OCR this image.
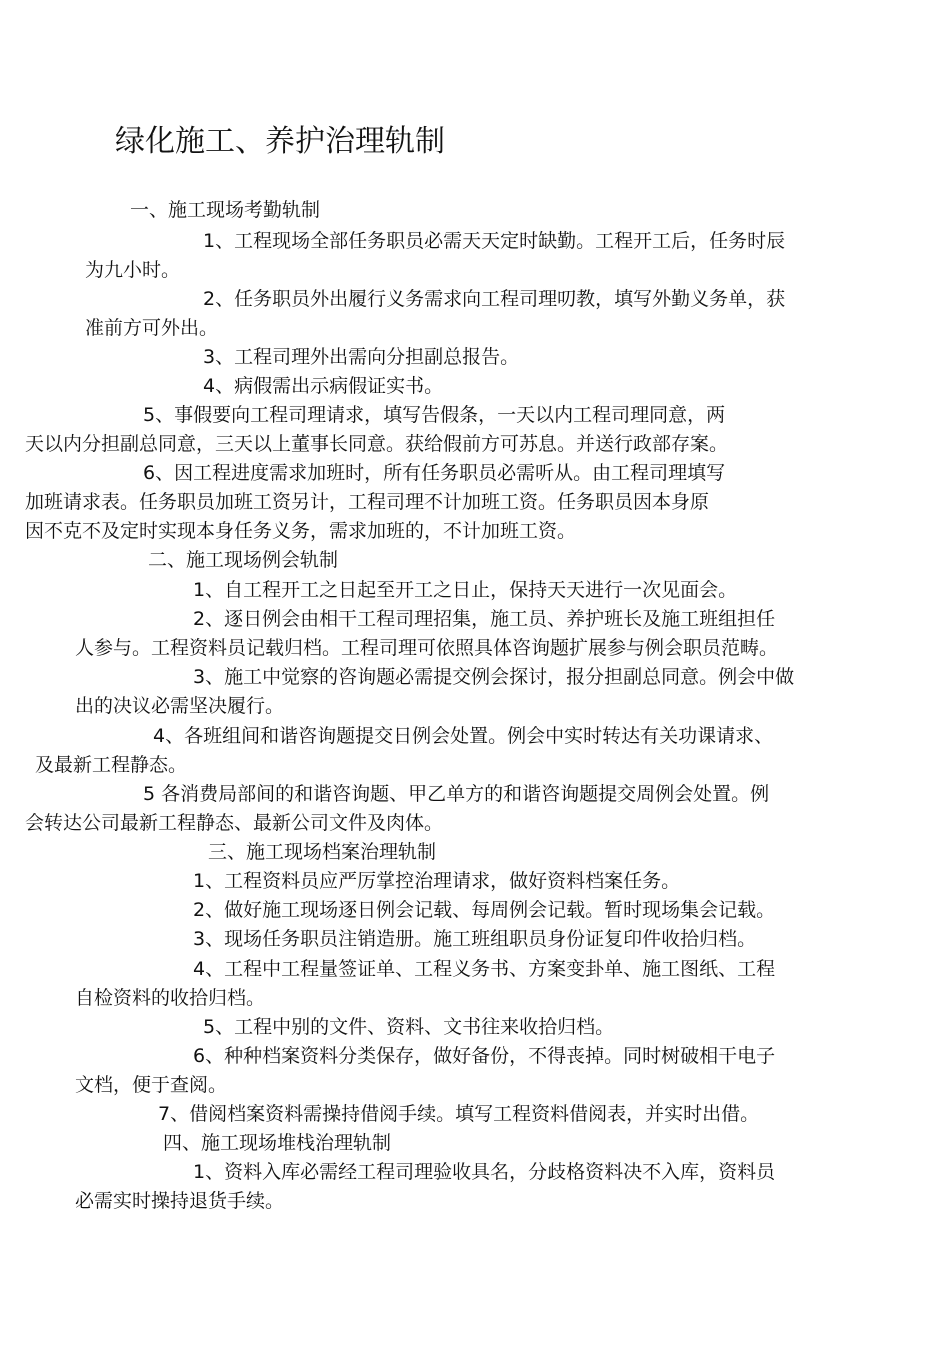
绿化施工、养护治理轨制
一、施工现场考勤轨制
1、工程现场全部任务职员必需天天定时缺勤。工程开工后，任务时辰
为九小时。
2、任务职员外出履行义务需求向工程司理叨教，填写外勤义务单，获
准前方可外出。
3、工程司理外出需向分担副总报告。
4、病假需出示病假证实书。
5、事假要向工程司理请求，填写告假条，一天以内工程司理同意，两
天以内分担副总同意，三天以上董事长同意。获给假前方可苏息。并送行政部存案。
6、因工程进度需求加班时，所有任务职员必需听从。由工程司理填写
加班请求表。任务职员加班工资另计，工程司理不计加班工资。任务职员因本身原
因不克不及定时实现本身任务义务，需求加班的，不计加班工资。
二、施工现场例会轨制
1、自工程开工之日起至开工之日止，保持天天进行一次见面会。
2、逐日例会由相干工程司理招集，施工员、养护班长及施工班组担任
人参与。工程资料员记载归档。工程司理可依照具体咨询题扩展参与例会职员范畴。
3、施工中觉察的咨询题必需提交例会探讨，报分担副总同意。例会中做
出的决议必需坚决履行。
4、各班组间和谐咨询题提交日例会处置。例会中实时转达有关功课请求、
及最新工程静态。
5 各消费局部间的和谐咨询题、甲乙单方的和谐咨询题提交周例会处置。例
会转达公司最新工程静态、最新公司文件及肉体。
三、施工现场档案治理轨制
1、工程资料员应严厉掌控治理请求，做好资料档案任务。
2、做好施工现场逐日例会记载、每周例会记载。暂时现场集会记载。
3、现场任务职员注销造册。施工班组职员身份证复印件收拾归档。
4、工程中工程量签证单、工程义务书、方案变卦单、施工图纸、工程
自检资料的收拾归档。
5、工程中别的文件、资料、文书往来收拾归档。
6、种种档案资料分类保存，做好备份，不得丧掉。同时树破相干电子
文档，便于查阅。
7、借阅档案资料需操持借阅手续。填写工程资料借阅表，并实时出借。
四、施工现场堆栈治理轨制
1、资料入库必需经工程司理验收具名，分歧格资料决不入库，资料员
必需实时操持退货手续。
